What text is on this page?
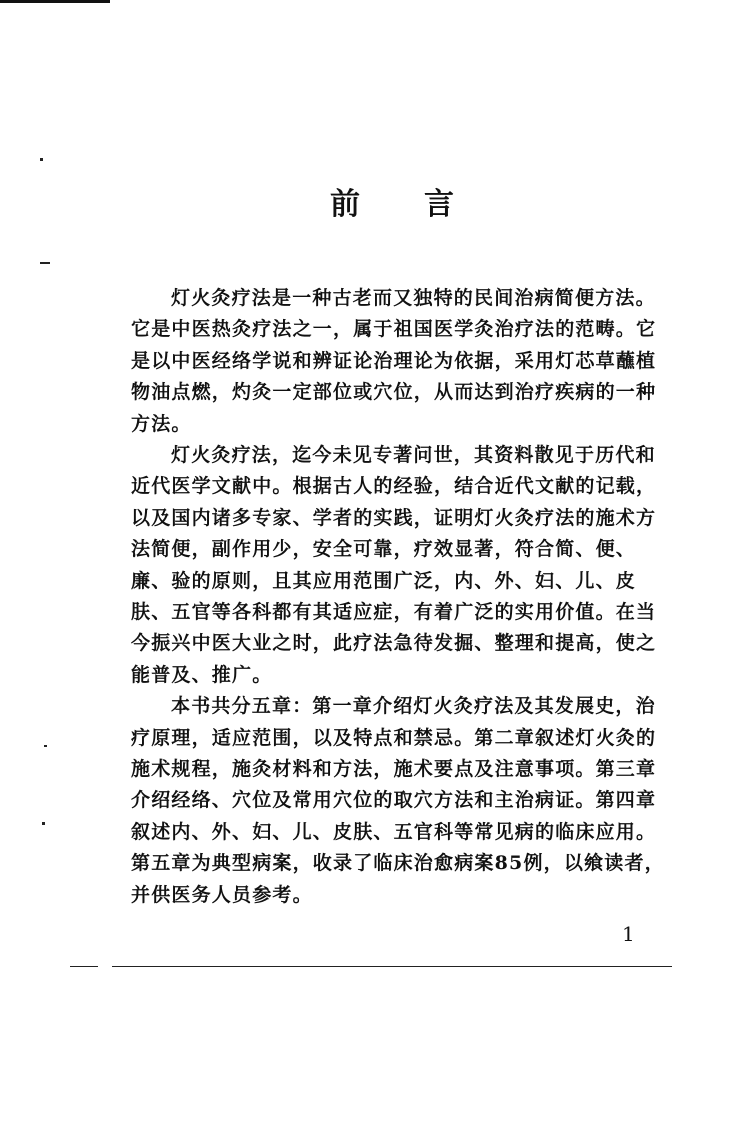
前 言
灯火灸疗法是一种古老而又独特的民间治病简便方法。
它是中医热灸疗法之一，属于祖国医学灸治疗法的范畴。它
是以中医经络学说和辨证论治理论为依据，采用灯芯草蘸植
物油点燃，灼灸一定部位或穴位，从而达到治疗疾病的一种
方法。
灯火灸疗法，迄今未见专著问世，其资料散见于历代和
近代医学文献中。根据古人的经验，结合近代文献的记载，
以及国内诸多专家、学者的实践，证明灯火灸疗法的施术方
法简便，副作用少，安全可靠，疗效显著，符合简、便、
廉、验的原则，且其应用范围广泛，内、外、妇、儿、皮
肤、五官等各科都有其适应症，有着广泛的实用价值。在当
今振兴中医大业之时，此疗法急待发掘、整理和提高，使之
能普及、推广。
本书共分五章：第一章介绍灯火灸疗法及其发展史，治
疗原理，适应范围，以及特点和禁忌。第二章叙述灯火灸的
施术规程，施灸材料和方法，施术要点及注意事项。第三章
介绍经络、穴位及常用穴位的取穴方法和主治病证。第四章
叙述内、外、妇、儿、皮肤、五官科等常见病的临床应用。
第五章为典型病案，收录了临床治愈病案85例，以飨读者，
并供医务人员参考。
1
